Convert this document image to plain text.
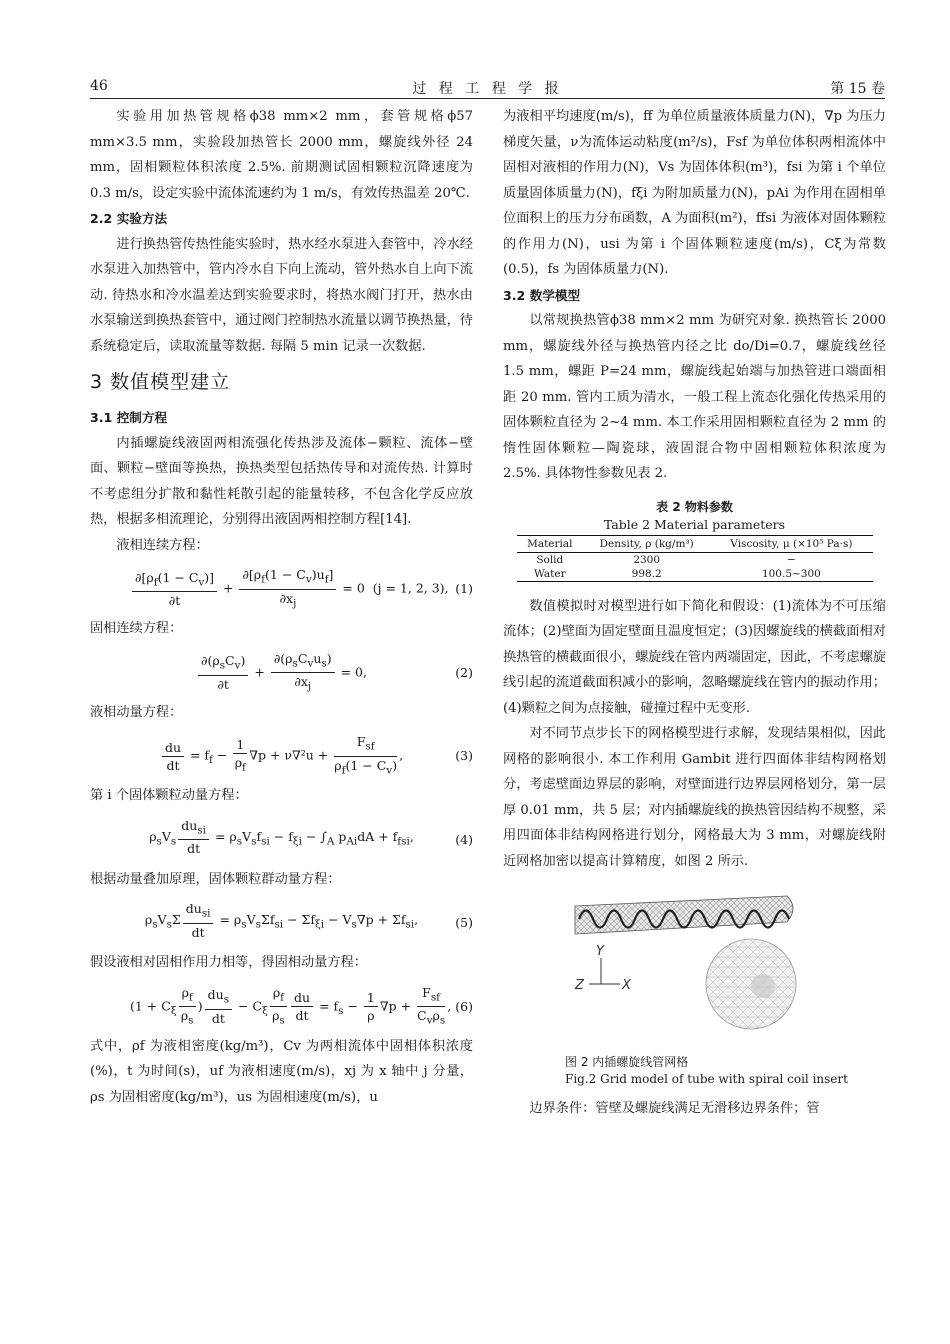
46	过 程 工 程 学 报	第 15 卷

实验用加热管规格ϕ38 mm×2 mm，套管规格ϕ57 mm×3.5 mm，实验段加热管长 2000 mm，螺旋线外径 24 mm，固相颗粒体积浓度 2.5%. 前期测试固相颗粒沉降速度为 0.3 m/s，设定实验中流体流速约为 1 m/s，有效传热温差 20℃.

2.2 实验方法

进行换热管传热性能实验时，热水经水泵进入套管中，冷水经水泵进入加热管中，管内冷水自下向上流动，管外热水自上向下流动. 待热水和冷水温差达到实验要求时，将热水阀门打开，热水由水泵输送到换热套管中，通过阀门控制热水流量以调节换热量，待系统稳定后，读取流量等数据. 每隔 5 min 记录一次数据.

3 数值模型建立
3.1 控制方程

内插螺旋线液固两相流强化传热涉及流体−颗粒、流体−壁面、颗粒−壁面等换热，换热类型包括热传导和对流传热. 计算时不考虑组分扩散和黏性耗散引起的能量转移，不包含化学反应放热，根据多相流理论，分别得出液固两相控制方程[14].

液相连续方程：

$\frac{\partial[\rho_f(1 - C_v)]}{\partial t} + \frac{\partial[\rho_f(1 - C_v)u_f]}{\partial x_j} = 0$  (j = 1, 2, 3), (1)

固相连续方程：

$\partial(\rho_sC_v)$
∂t
+
$\partial(\rho_sC_vu_s)$
$\partial x_j$
= 0,	(2)

液相动量方程：

$\frac{du}{dt} = f_f - \frac{1}{\rho_f} \nabla p + \nu\nabla^2u$ +
$F_{sf}$
$\rho_f(1 - C_v)$
,	(3)

第 i 个固体颗粒动量方程：

$\rho_sV_s$
$du_{si}$
dt
= $\rho_sV_sf_{si} - f_{\xi i} - \int_A$ $p_{Ai}dA + f_{fsi}$,	(4)

根据动量叠加原理，固体颗粒群动量方程：

$\rho_sV_s\Sigma$
$du_{si}$
dt
= $\rho_sV_s\Sigma f_{si} - \Sigma f_{\xi i} - V_s\nabla p + \Sigma f_{si}$,	(5)

假设液相对固相作用力相等，得固相动量方程：

($1 + C_\xi \frac{\rho_f}{\rho_s}$ )
$du_s$
dt
− $C_\xi \frac{\rho_f}{\rho_s} \frac{du}{dt} = f_s - \frac{1}{\rho} \nabla p$ +
$F_{sf}$
$C_v\rho_s$
, (6)

式中，ρf 为液相密度(kg/m³)，Cv 为两相流体中固相体积浓度(%)，t 为时间(s)，uf 为液相速度(m/s)，xj 为 x 轴中 j 分量，ρs 为固相密度(kg/m³)，us 为固相速度(m/s)，u

为液相平均速度(m/s)，ff 为单位质量液体质量力(N)，∇p 为压力梯度矢量，ν为流体运动粘度(m²/s)，Fsf 为单位体积两相流体中固相对液相的作用力(N)，Vs 为固体体积(m³)，fsi 为第 i 个单位质量固体质量力(N)，fξi 为附加质量力(N)，pAi 为作用在固相单位面积上的压力分布函数，A 为面积(m²)，ffsi 为液体对固体颗粒的作用力(N)，usi 为第 i 个固体颗粒速度(m/s)，Cξ为常数(0.5)，fs 为固体质量力(N).

3.2 数学模型

以常规换热管ϕ38 mm×2 mm 为研究对象. 换热管长 2000 mm，螺旋线外径与换热管内径之比 do/Di=0.7，螺旋线丝径 1.5 mm，螺距 P=24 mm，螺旋线起始端与加热管进口端面相距 20 mm. 管内工质为清水，一般工程上流态化强化传热采用的固体颗粒直径为 2~4 mm. 本工作采用固相颗粒直径为 2 mm 的惰性固体颗粒—陶瓷球，液固混合物中固相颗粒体积浓度为 2.5%. 具体物性参数见表 2.

表 2 物料参数
Table 2 Material parameters
Material	Density, ρ (kg/m³)	Viscosity, μ (×10⁵ Pa·s)
Solid	2300	−
Water	998.2	100.5~300

数值模拟时对模型进行如下简化和假设：(1)流体为不可压缩流体；(2)壁面为固定壁面且温度恒定；(3)因螺旋线的横截面相对换热管的横截面很小，螺旋线在管内两端固定，因此，不考虑螺旋线引起的流道截面积减小的影响，忽略螺旋线在管内的振动作用；(4)颗粒之间为点接触，碰撞过程中无变形.

对不同节点步长下的网格模型进行求解，发现结果相似，因此网格的影响很小. 本工作利用 Gambit 进行四面体非结构网格划分，考虑壁面边界层的影响，对壁面进行边界层网格划分，第一层厚 0.01 mm，共 5 层；对内插螺旋线的换热管因结构不规整，采用四面体非结构网格进行划分，网格最大为 3 mm，对螺旋线附近网格加密以提高计算精度，如图 2 所示.

Y
Z	X
图 2 内插螺旋线管网格
Fig.2 Grid model of tube with spiral coil insert

边界条件：管壁及螺旋线满足无滑移边界条件；管
